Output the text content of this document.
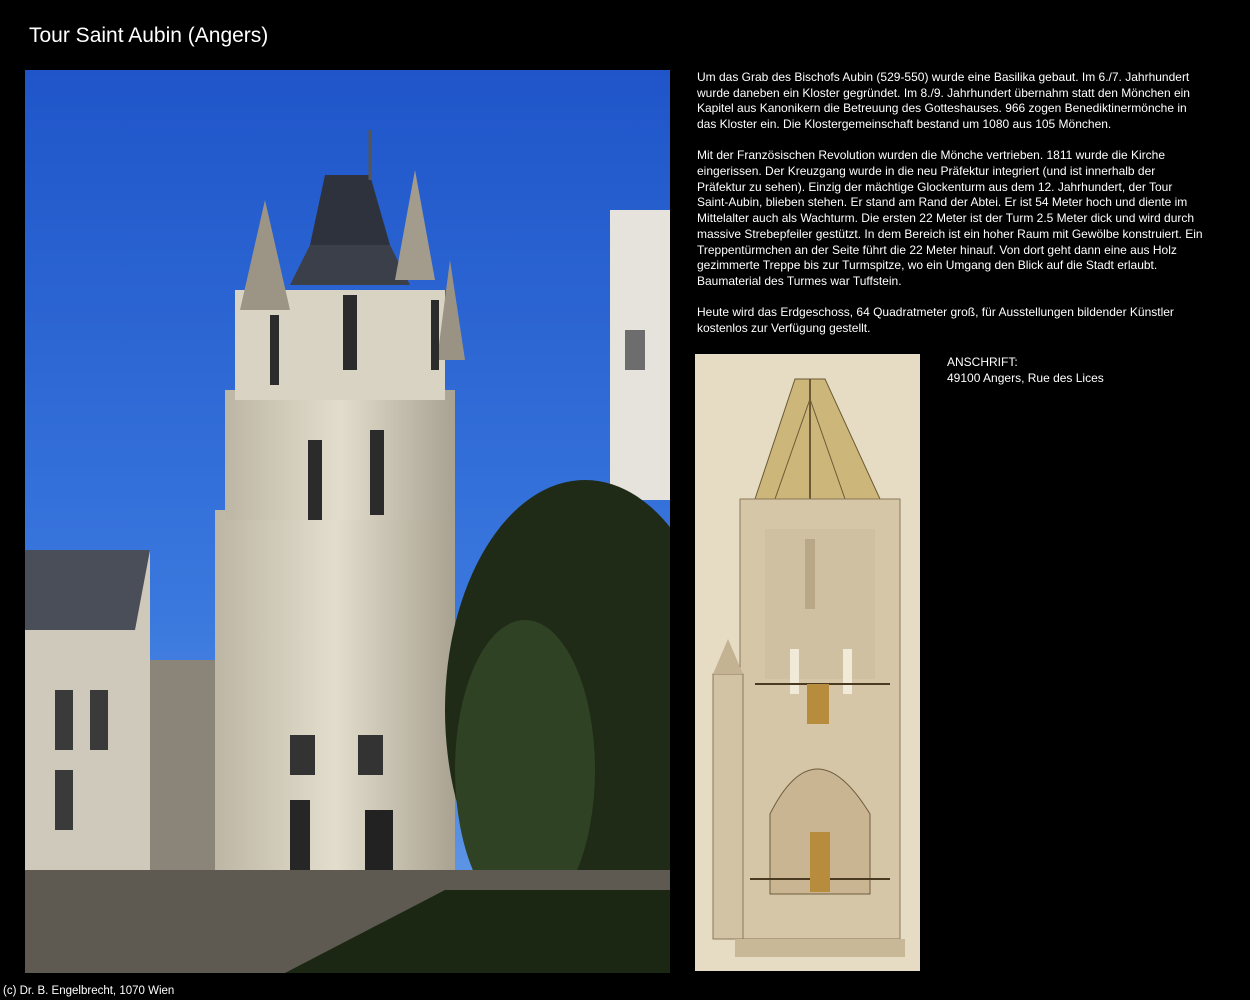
Tour Saint Aubin (Angers)

Um das Grab des Bischofs Aubin (529-550) wurde eine Basilika gebaut. Im 6./7. Jahrhundert wurde daneben ein Kloster gegründet. Im 8./9. Jahrhundert übernahm statt den Mönchen ein Kapitel aus Kanonikern die Betreuung des Gotteshauses. 966 zogen Benediktinermönche in das Kloster ein. Die Klostergemeinschaft bestand um 1080 aus 105 Mönchen.

Mit der Französischen Revolution wurden die Mönche vertrieben. 1811 wurde die Kirche eingerissen. Der Kreuzgang wurde in die neu Präfektur integriert (und ist innerhalb der Präfektur zu sehen). Einzig der mächtige Glockenturm aus dem 12. Jahrhundert, der Tour Saint-Aubin, blieben stehen. Er stand am Rand der Abtei. Er ist 54 Meter hoch und diente im Mittelalter auch als Wachturm. Die ersten 22 Meter ist der Turm 2.5 Meter dick und wird durch massive Strebepfeiler gestützt. In dem Bereich ist ein hoher Raum mit Gewölbe konstruiert. Ein Treppentürmchen an der Seite führt die 22 Meter hinauf. Von dort geht dann eine aus Holz gezimmerte Treppe bis zur Turmspitze, wo ein Umgang den Blick auf die Stadt erlaubt. Baumaterial des Turmes war Tuffstein.

Heute wird das Erdgeschoss, 64 Quadratmeter groß, für Ausstellungen bildender Künstler kostenlos zur Verfügung gestellt.

ANSCHRIFT:
49100 Angers, Rue des Lices
(c) Dr. B. Engelbrecht, 1070 Wien
